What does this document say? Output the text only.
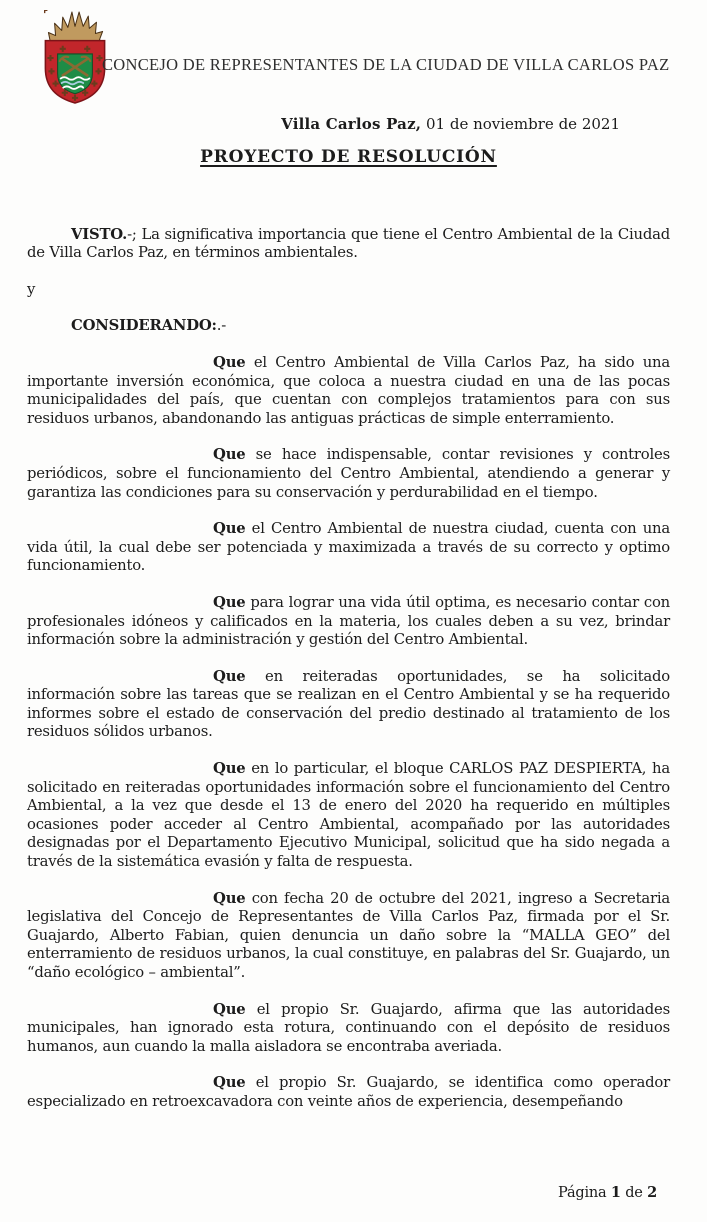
CONCEJO DE REPRESENTANTES DE LA CIUDAD DE VILLA CARLOS PAZ
Villa Carlos Paz, 01 de noviembre de 2021
PROYECTO DE RESOLUCIÓN

VISTO.-; La significativa importancia que tiene el Centro Ambiental de la Ciudad de Villa Carlos Paz, en términos ambientales.

y

CONSIDERANDO:.-

Que el Centro Ambiental de Villa Carlos Paz, ha sido una importante inversión económica, que coloca a nuestra ciudad en una de las pocas municipalidades del país, que cuentan con complejos tratamientos para con sus residuos urbanos, abandonando las antiguas prácticas de simple enterramiento.

Que se hace indispensable, contar revisiones y controles periódicos, sobre el funcionamiento del Centro Ambiental, atendiendo a generar y garantiza las condiciones para su conservación y perdurabilidad en el tiempo.

Que el Centro Ambiental de nuestra ciudad, cuenta con una vida útil, la cual debe ser potenciada y maximizada a través de su correcto y optimo funcionamiento.

Que para lograr una vida útil optima, es necesario contar con profesionales idóneos y calificados en la materia, los cuales deben a su vez, brindar información sobre la administración y gestión del Centro Ambiental.

Que en reiteradas oportunidades, se ha solicitado información sobre las tareas que se realizan en el Centro Ambiental y se ha requerido informes sobre el estado de conservación del predio destinado al tratamiento de los residuos sólidos urbanos.

Que en lo particular, el bloque CARLOS PAZ DESPIERTA, ha solicitado en reiteradas oportunidades información sobre el funcionamiento del Centro Ambiental, a la vez que desde el 13 de enero del 2020 ha requerido en múltiples ocasiones poder acceder al Centro Ambiental, acompañado por las autoridades designadas por el Departamento Ejecutivo Municipal, solicitud que ha sido negada a través de la sistemática evasión y falta de respuesta.

Que con fecha 20 de octubre del 2021, ingreso a Secretaria legislativa del Concejo de Representantes de Villa Carlos Paz, firmada por el Sr. Guajardo, Alberto Fabian, quien denuncia un daño sobre la “MALLA GEO” del enterramiento de residuos urbanos, la cual constituye, en palabras del Sr. Guajardo, un “daño ecológico – ambiental”.

Que el propio Sr. Guajardo, afirma que las autoridades municipales, han ignorado esta rotura, continuando con el depósito de residuos humanos, aun cuando la malla aisladora se encontraba averiada.

Que el propio Sr. Guajardo, se identifica como operador especializado en retroexcavadora con veinte años de experiencia, desempeñando

Página 1 de 2
